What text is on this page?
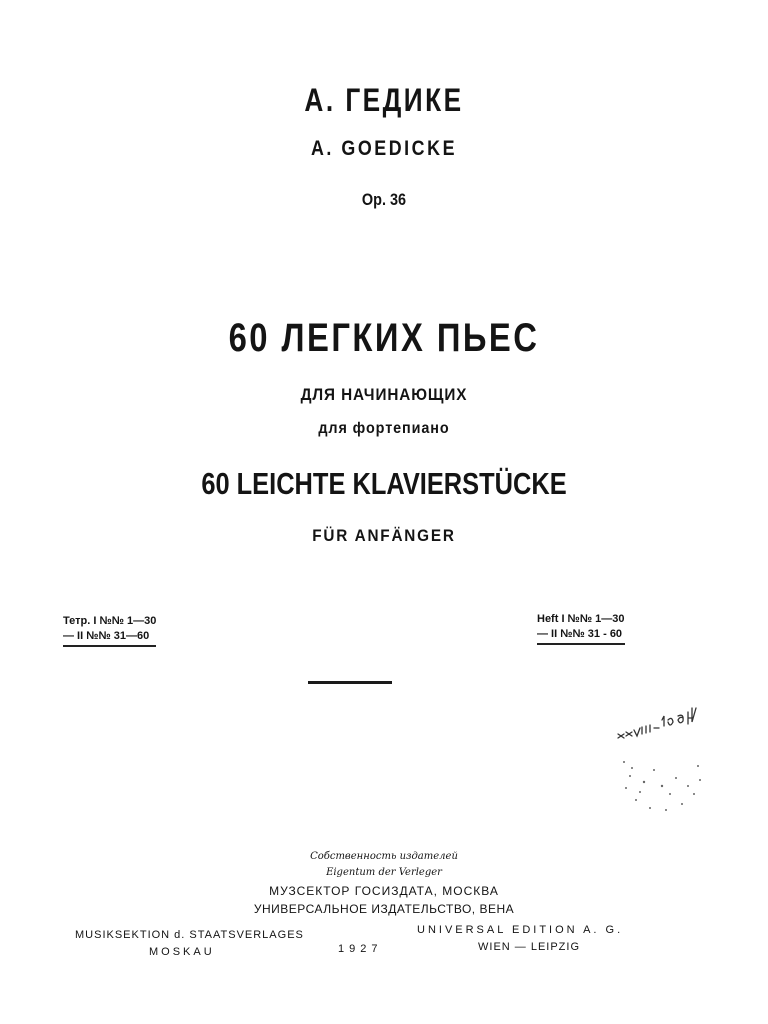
А. ГЕДИКЕ
A. GOEDICKE
Op. 36
60 ЛЕГКИХ ПЬЕС
ДЛЯ НАЧИНАЮЩИХ
для фортепиано
60 LEICHTE KLAVIERSTÜCKE
FÜR ANFÄNGER
Тетр. I №№ 1—30
— II №№ 31—60
Heft I №№ 1—30
— II №№ 31 - 60
Собственность издателей
Eigentum der Verleger
МУЗСЕКТОР ГОСИЗДАТА, МОСКВА
УНИВЕРСАЛЬНОЕ ИЗДАТЕЛЬСТВО, ВЕНА
MUSIKSEKTION d. STAATSVERLAGES
MOSKAU	1927
UNIVERSAL EDITION A. G.
WIEN — LEIPZIG
